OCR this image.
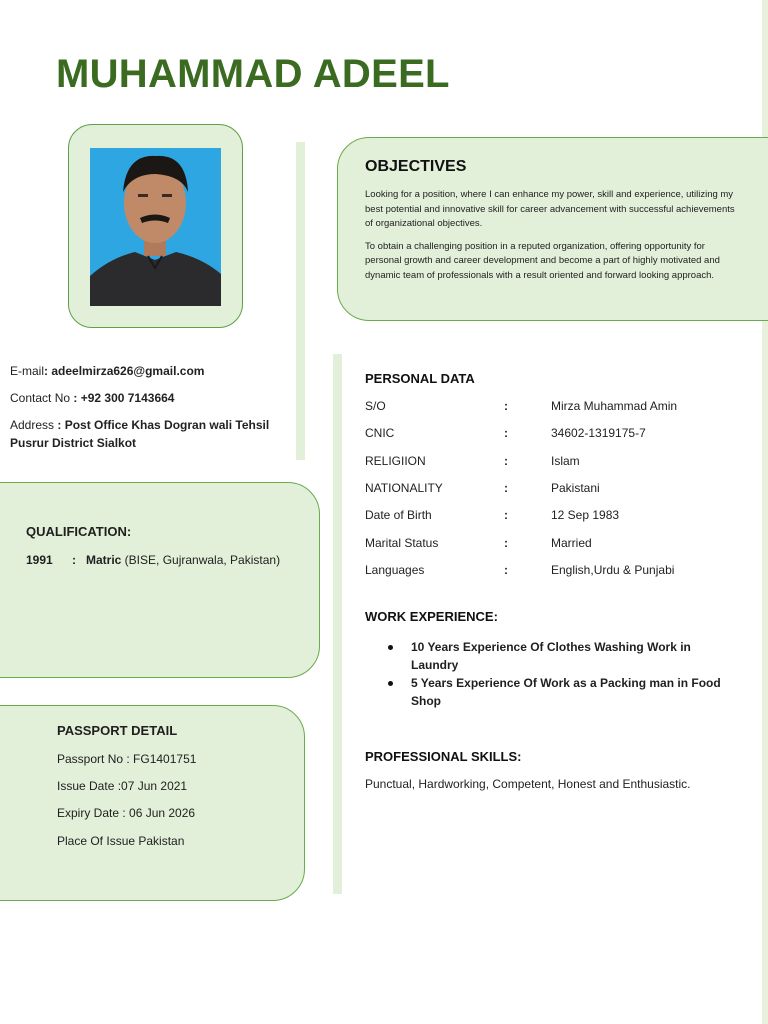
MUHAMMAD ADEEL
OBJECTIVES

Looking for a position, where I can enhance my power, skill and experience, utilizing my best potential and innovative skill for career advancement with successful achievements of organizational objectives.

To obtain a challenging position in a reputed organization, offering opportunity for personal growth and career development and become a part of highly motivated and dynamic team of professionals with a result oriented and forward looking approach.

E-mail: adeelmirza626@gmail.com
Contact No : +92 300 7143664
Address : Post Office Khas Dogran wali Tehsil Pusrur District Sialkot
QUALIFICATION:
1991 : Matric (BISE, Gujranwala, Pakistan)
PASSPORT DETAIL
Passport No : FG1401751
Issue Date :07 Jun 2021
Expiry Date : 06 Jun 2026
Place Of Issue Pakistan
PERSONAL DATA
S/O	:	Mirza Muhammad Amin
CNIC	:	34602-1319175-7
RELIGIION	:	Islam
NATIONALITY	:	Pakistani
Date of Birth	:	12 Sep 1983
Marital Status	:	Married
Languages	:	English,Urdu & Punjabi
WORK EXPERIENCE:
10 Years Experience Of Clothes Washing Work in Laundry
5 Years Experience Of Work as a Packing man in Food Shop
PROFESSIONAL SKILLS:
Punctual, Hardworking, Competent, Honest and Enthusiastic.
